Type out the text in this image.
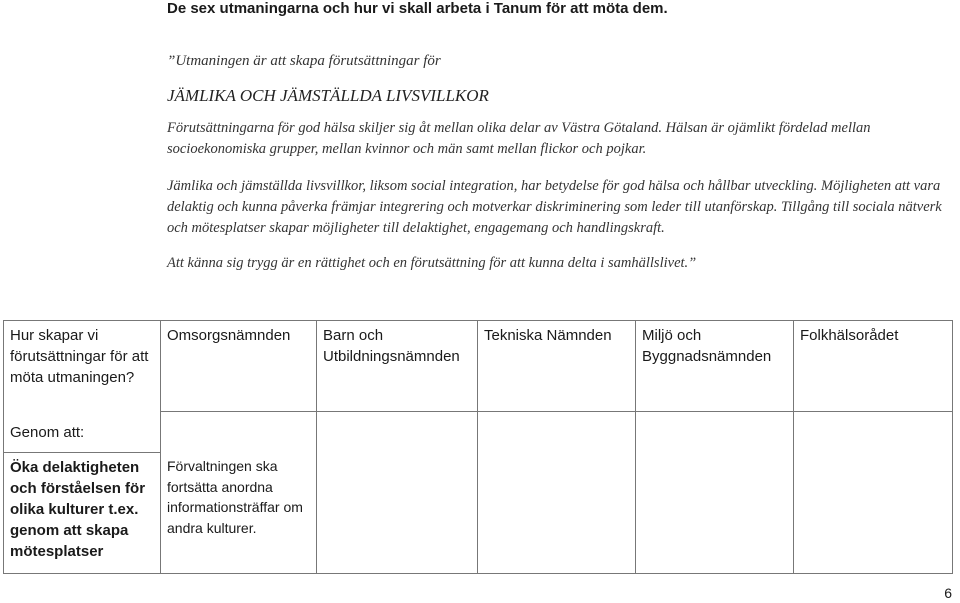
De sex utmaningarna och hur vi skall arbeta i Tanum för att möta dem.
”Utmaningen är att skapa förutsättningar för
JÄMLIKA OCH JÄMSTÄLLDA LIVSVILLKOR
Förutsättningarna för god hälsa skiljer sig åt mellan olika delar av Västra Götaland. Hälsan är ojämlikt fördelad mellan socioekonomiska grupper, mellan kvinnor och män samt mellan flickor och pojkar.
Jämlika och jämställda livsvillkor, liksom social integration, har betydelse för god hälsa och hållbar utveckling. Möjligheten att vara delaktig och kunna påverka främjar integrering och motverkar diskriminering som leder till utanförskap. Tillgång till sociala nätverk och mötesplatser skapar möjligheter till delaktighet, engagemang och handlingskraft.
Att känna sig trygg är en rättighet och en förutsättning för att kunna delta i samhällslivet.”
Hur skapar vi förutsättningar för att möta utmaningen?	Omsorgsnämnden	Barn och Utbildningsnämnden	Tekniska Nämnden	Miljö och Byggnadsnämnden	Folkhälsorådet

Genom att:					

Öka delaktigheten och förståelsen för olika kulturer t.ex. genom att skapa mötesplatser	Förvaltningen ska fortsätta anordna informationsträffar om andra kulturer.				

6
